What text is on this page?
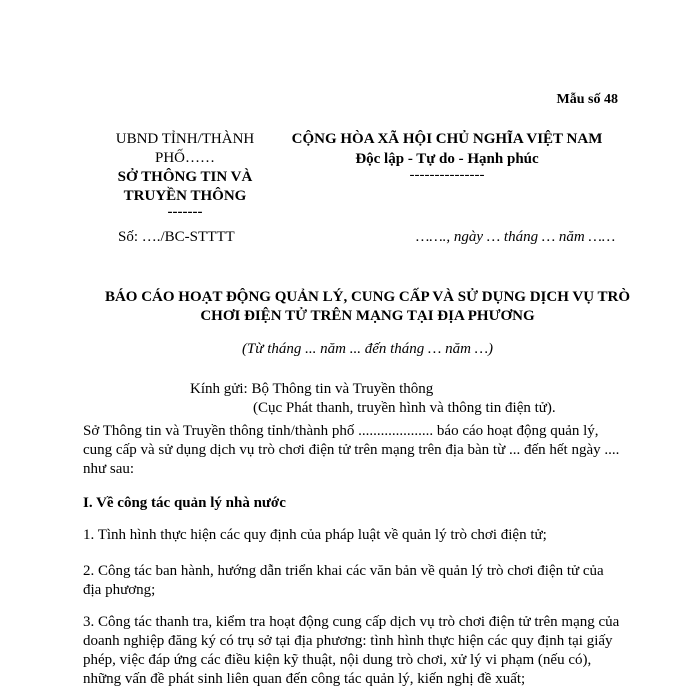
Mẫu số 48
UBND TỈNH/THÀNH
PHỐ……
SỞ THÔNG TIN VÀ
TRUYỀN THÔNG
-------
CỘNG HÒA XÃ HỘI CHỦ NGHĨA VIỆT NAM
Độc lập - Tự do - Hạnh phúc
---------------
Số: …./BC-STTTT	……., ngày … tháng … năm ……
BÁO CÁO HOẠT ĐỘNG QUẢN LÝ, CUNG CẤP VÀ SỬ DỤNG DỊCH VỤ TRÒ
CHƠI ĐIỆN TỬ TRÊN MẠNG TẠI ĐỊA PHƯƠNG
(Từ tháng ... năm ... đến tháng … năm …)
Kính gửi: Bộ Thông tin và Truyền thông
(Cục Phát thanh, truyền hình và thông tin điện tử).
Sở Thông tin và Truyền thông tỉnh/thành phố .................... báo cáo hoạt động quản lý,
cung cấp và sử dụng dịch vụ trò chơi điện tử trên mạng trên địa bàn từ ... đến hết ngày ....
như sau:
I. Về công tác quản lý nhà nước
1. Tình hình thực hiện các quy định của pháp luật về quản lý trò chơi điện tử;
2. Công tác ban hành, hướng dẫn triển khai các văn bản về quản lý trò chơi điện tử của
địa phương;
3. Công tác thanh tra, kiểm tra hoạt động cung cấp dịch vụ trò chơi điện tử trên mạng của
doanh nghiệp đăng ký có trụ sở tại địa phương: tình hình thực hiện các quy định tại giấy
phép, việc đáp ứng các điều kiện kỹ thuật, nội dung trò chơi, xử lý vi phạm (nếu có),
những vấn đề phát sinh liên quan đến công tác quản lý, kiến nghị đề xuất;
